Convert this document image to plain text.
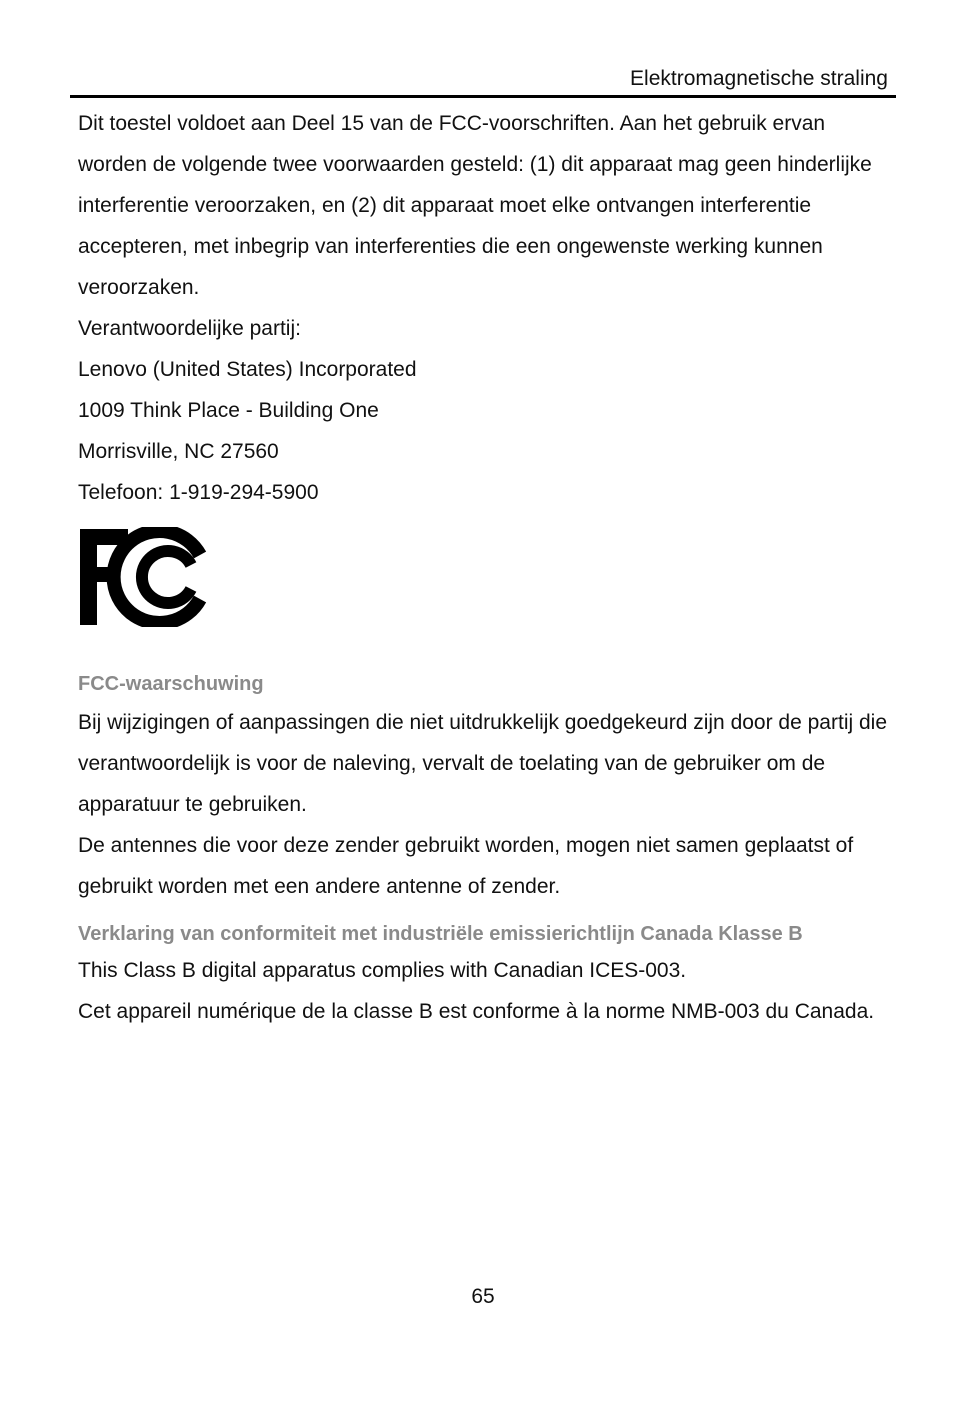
Elektromagnetische straling

Dit toestel voldoet aan Deel 15 van de FCC-voorschriften. Aan het gebruik ervan worden de volgende twee voorwaarden gesteld: (1) dit apparaat mag geen hinderlijke interferentie veroorzaken, en (2) dit apparaat moet elke ontvangen interferentie accepteren, met inbegrip van interferenties die een ongewenste werking kunnen veroorzaken.

Verantwoordelijke partij:

Lenovo (United States) Incorporated

1009 Think Place - Building One

Morrisville, NC 27560

Telefoon: 1-919-294-5900

FCC-waarschuwing

Bij wijzigingen of aanpassingen die niet uitdrukkelijk goedgekeurd zijn door de partij die verantwoordelijk is voor de naleving, vervalt de toelating van de gebruiker om de apparatuur te gebruiken.

De antennes die voor deze zender gebruikt worden, mogen niet samen geplaatst of gebruikt worden met een andere antenne of zender.

Verklaring van conformiteit met industriële emissierichtlijn Canada Klasse B

This Class B digital apparatus complies with Canadian ICES-003.

Cet appareil numérique de la classe B est conforme à la norme NMB-003 du Canada.

65
